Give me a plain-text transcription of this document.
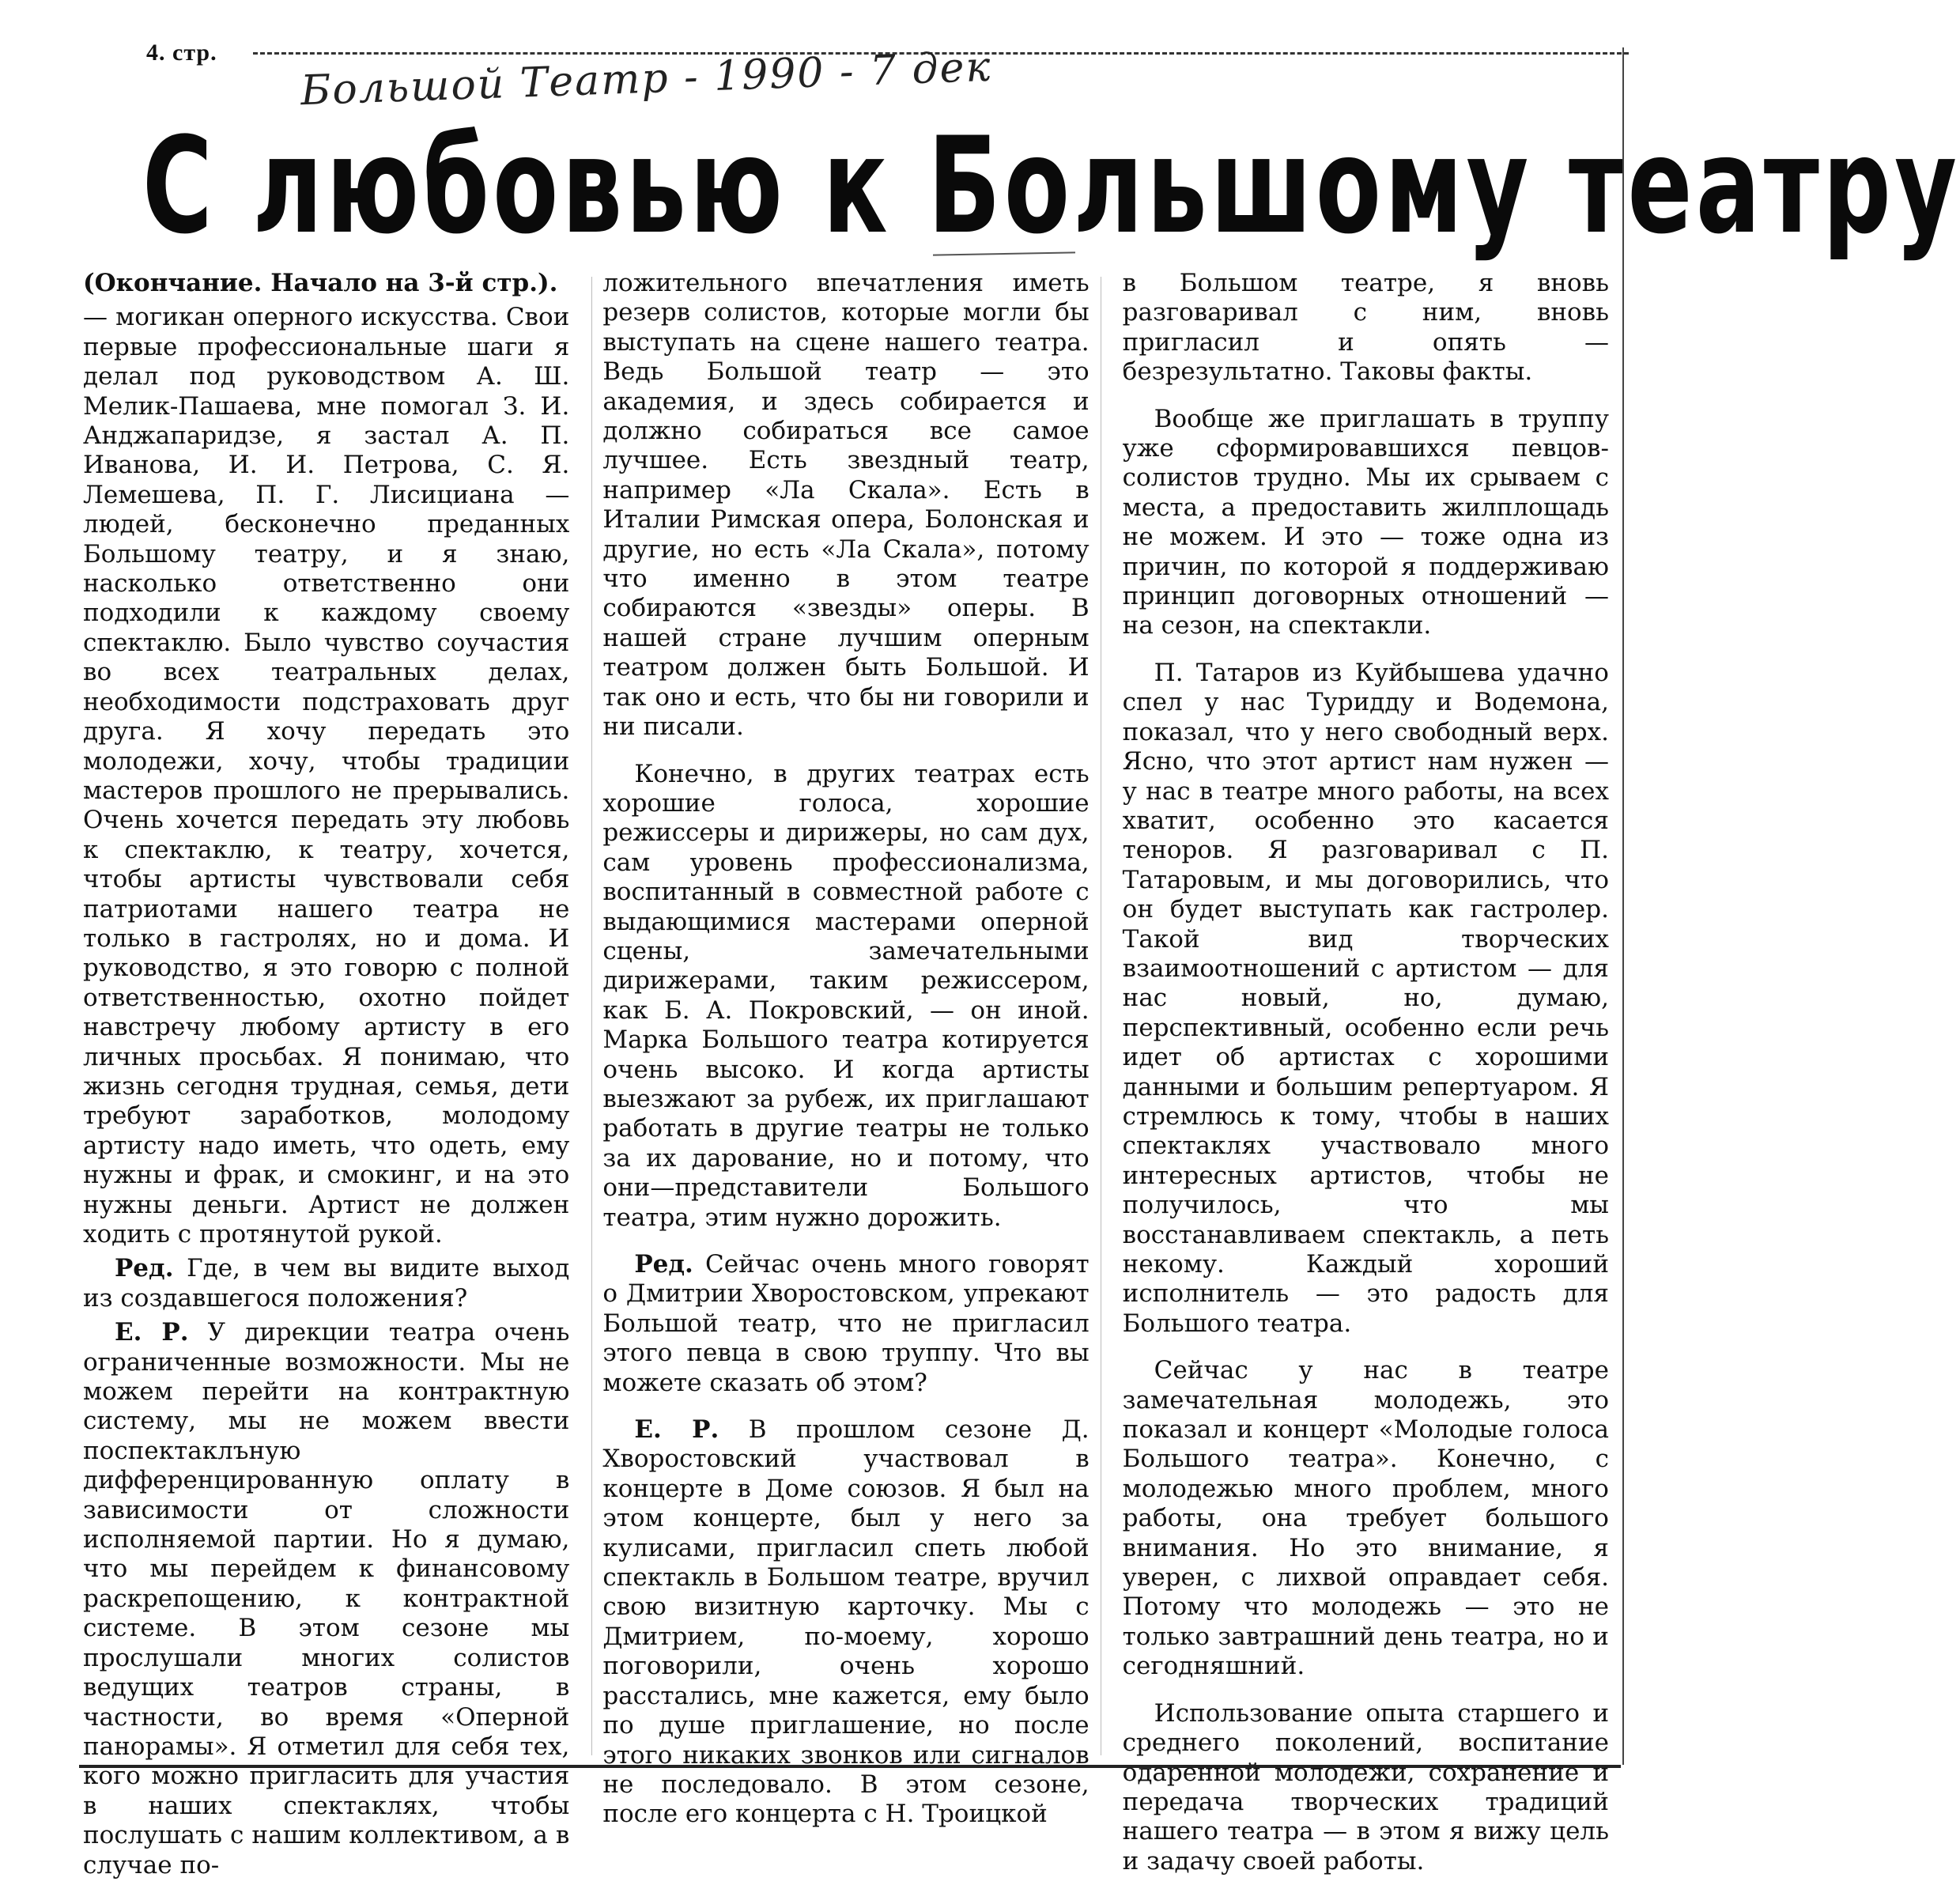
4. стр. Большой Театр - 1990 - 7 дек
С любовью к Большому театру

(Окончание. Начало на 3-й стр.).

— могикан оперного искусства. Свои первые профессиональные шаги я делал под руководством А. Ш. Мелик-Пашаева, мне помогал З. И. Анджапаридзе, я застал А. П. Иванова, И. И. Петрова, С. Я. Лемешева, П. Г. Лисициана — людей, бесконечно преданных Большому театру, и я знаю, насколько ответственно они подходили к каждому своему спектаклю. Было чувство соучастия во всех театральных делах, необходимости подстраховать друг друга. Я хочу передать это молодежи, хочу, чтобы традиции мастеров прошлого не прерывались. Очень хочется передать эту любовь к спектаклю, к театру, хочется, чтобы артисты чувствовали себя патриотами нашего театра не только в гастролях, но и дома. И руководство, я это говорю с полной ответственностью, охотно пойдет навстречу любому артисту в его личных просьбах. Я понимаю, что жизнь сегодня трудная, семья, дети требуют заработков, молодому артисту надо иметь, что одеть, ему нужны и фрак, и смокинг, и на это нужны деньги. Артист не должен ходить с протянутой рукой.

Ред. Где, в чем вы видите выход из создавшегося положения?

Е. Р. У дирекции театра очень ограниченные возможности. Мы не можем перейти на контрактную систему, мы не можем ввести поспектаклъную дифференцированную оплату в зависимости от сложности исполняемой партии. Но я думаю, что мы перейдем к финансовому раскрепощению, к контрактной системе. В этом сезоне мы прослушали многих солистов ведущих театров страны, в частности, во время «Оперной панорамы». Я отметил для себя тех, кого можно пригласить для участия в наших спектаклях, чтобы послушать с нашим коллективом, а в случае по-

ложительного впечатления иметь резерв солистов, которые могли бы выступать на сцене нашего театра. Ведь Большой театр — это академия, и здесь собирается и должно собираться все самое лучшее. Есть звездный театр, например «Ла Скала». Есть в Италии Римская опера, Болонская и другие, но есть «Ла Скала», потому что именно в этом театре собираются «звезды» оперы. В нашей стране лучшим оперным театром должен быть Большой. И так оно и есть, что бы ни говорили и ни писали.

Конечно, в других театрах есть хорошие голоса, хорошие режиссеры и дирижеры, но сам дух, сам уровень профессионализма, воспитанный в совместной работе с выдающимися мастерами оперной сцены, замечательными дирижерами, таким режиссером, как Б. А. Покровский, — он иной. Марка Большого театра котируется очень высоко. И когда артисты выезжают за рубеж, их приглашают работать в другие театры не только за их дарование, но и потому, что они—представители Большого театра, этим нужно дорожить.

Ред. Сейчас очень много говорят о Дмитрии Хворостовском, упрекают Большой театр, что не пригласил этого певца в свою труппу. Что вы можете сказать об этом?

Е. Р. В прошлом сезоне Д. Хворостовский участвовал в концерте в Доме союзов. Я был на этом концерте, был у него за кулисами, пригласил спеть любой спектакль в Большом театре, вручил свою визитную карточку. Мы с Дмитрием, по-моему, хорошо поговорили, очень хорошо расстались, мне кажется, ему было по душе приглашение, но после этого никаких звонков или сигналов не последовало. В этом сезоне, после его концерта с Н. Троицкой

в Большом театре, я вновь разговаривал с ним, вновь пригласил и опять — безрезультатно. Таковы факты.

Вообще же приглашать в труппу уже сформировавшихся певцов-солистов трудно. Мы их срываем с места, а предоставить жилплощадь не можем. И это — тоже одна из причин, по которой я поддерживаю принцип договорных отношений — на сезон, на спектакли.

П. Татаров из Куйбышева удачно спел у нас Туридду и Водемона, показал, что у него свободный верх. Ясно, что этот артист нам нужен — у нас в театре много работы, на всех хватит, особенно это касается теноров. Я разговаривал с П. Татаровым, и мы договорились, что он будет выступать как гастролер. Такой вид творческих взаимоотношений с артистом — для нас новый, но, думаю, перспективный, особенно если речь идет об артистах с хорошими данными и большим репертуаром. Я стремлюсь к тому, чтобы в наших спектаклях участвовало много интересных артистов, чтобы не получилось, что мы восстанавливаем спектакль, а петь некому. Каждый хороший исполнитель — это радость для Большого театра.

Сейчас у нас в театре замечательная молодежь, это показал и концерт «Молодые голоса Большого театра». Конечно, с молодежью много проблем, много работы, она требует большого внимания. Но это внимание, я уверен, с лихвой оправдает себя. Потому что молодежь — это не только завтрашний день театра, но и сегодняшний.

Использование опыта старшего и среднего поколений, воспитание одаренной молодежи, сохранение и передача творческих традиций нашего театра — в этом я вижу цель и задачу своей работы.
